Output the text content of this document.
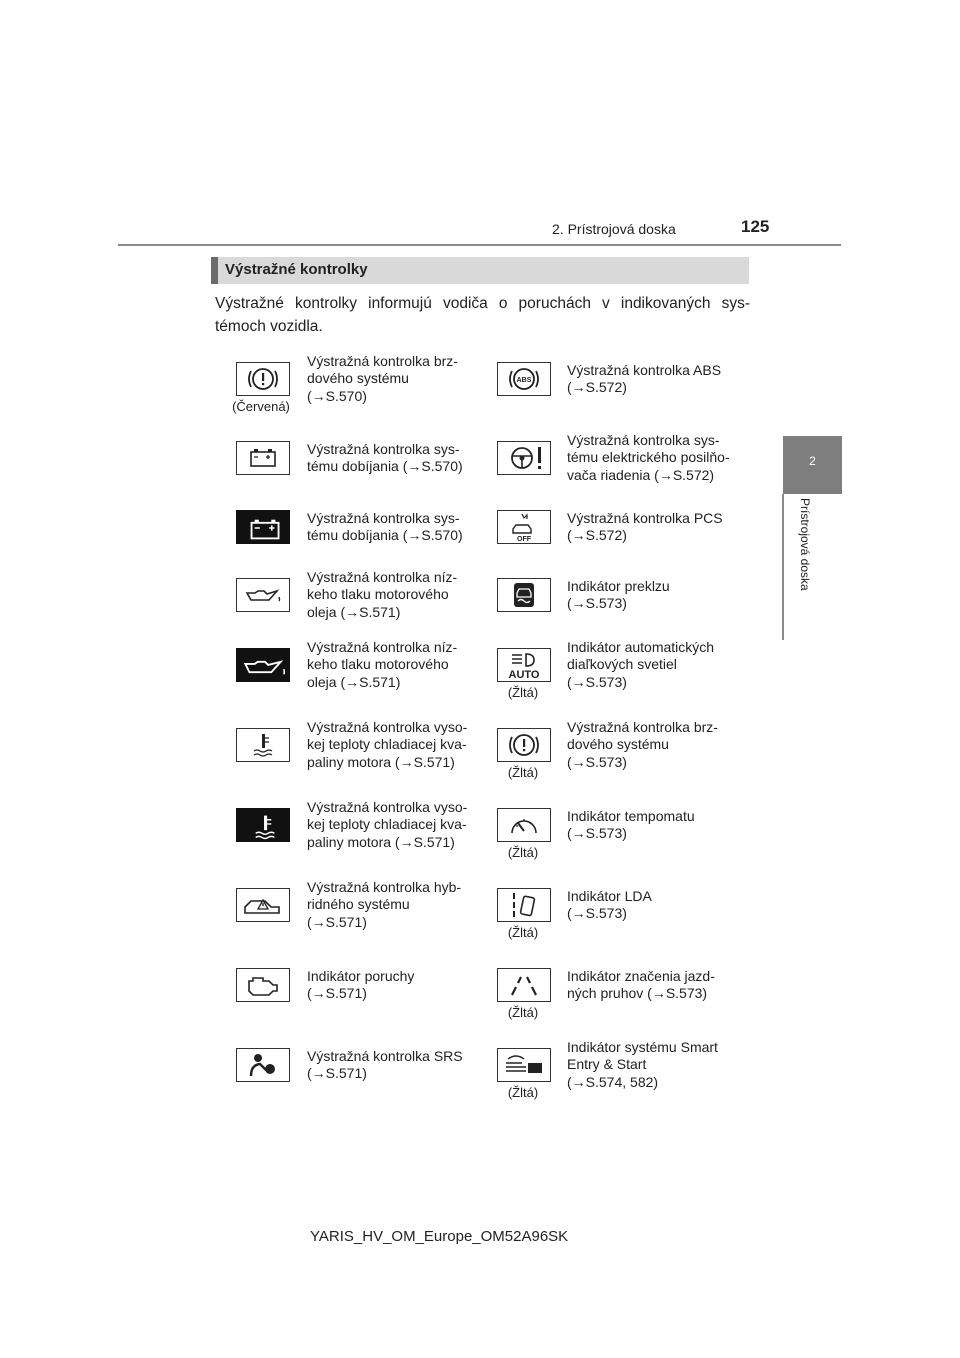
2. Prístrojová doska	125
2
Prístrojová doska
Výstražné kontrolky
Výstražné kontrolky informujú vodiča o poruchách v indikovaných sys- témoch vozidla.
(Červená)
Výstražná kontrolka brz-
dového systému
(→S.570)
Výstražná kontrolka sys-
tému dobíjania (→S.570)
Výstražná kontrolka sys-
tému dobíjania (→S.570)
Výstražná kontrolka níz-
keho tlaku motorového
oleja (→S.571)
Výstražná kontrolka níz-
keho tlaku motorového
oleja (→S.571)
Výstražná kontrolka vyso-
kej teploty chladiacej kva-
paliny motora (→S.571)
Výstražná kontrolka vyso-
kej teploty chladiacej kva-
paliny motora (→S.571)
Výstražná kontrolka hyb-
ridného systému
(→S.571)
Indikátor poruchy
(→S.571)
Výstražná kontrolka SRS
(→S.571)
ABS
Výstražná kontrolka ABS
(→S.572)
Výstražná kontrolka sys-
tému elektrického posilňo-
vača riadenia (→S.572)
OFF
Výstražná kontrolka PCS
(→S.572)
Indikátor preklzu
(→S.573)
AUTO
(Žltá)
Indikátor automatických
diaľkových svetiel
(→S.573)
(Žltá)
Výstražná kontrolka brz-
dového systému
(→S.573)
(Žltá)
Indikátor tempomatu
(→S.573)
(Žltá)
Indikátor LDA
(→S.573)
(Žltá)
Indikátor značenia jazd-
ných pruhov (→S.573)
(Žltá)
Indikátor systému Smart
Entry & Start
(→S.574, 582)
YARIS_HV_OM_Europe_OM52A96SK
